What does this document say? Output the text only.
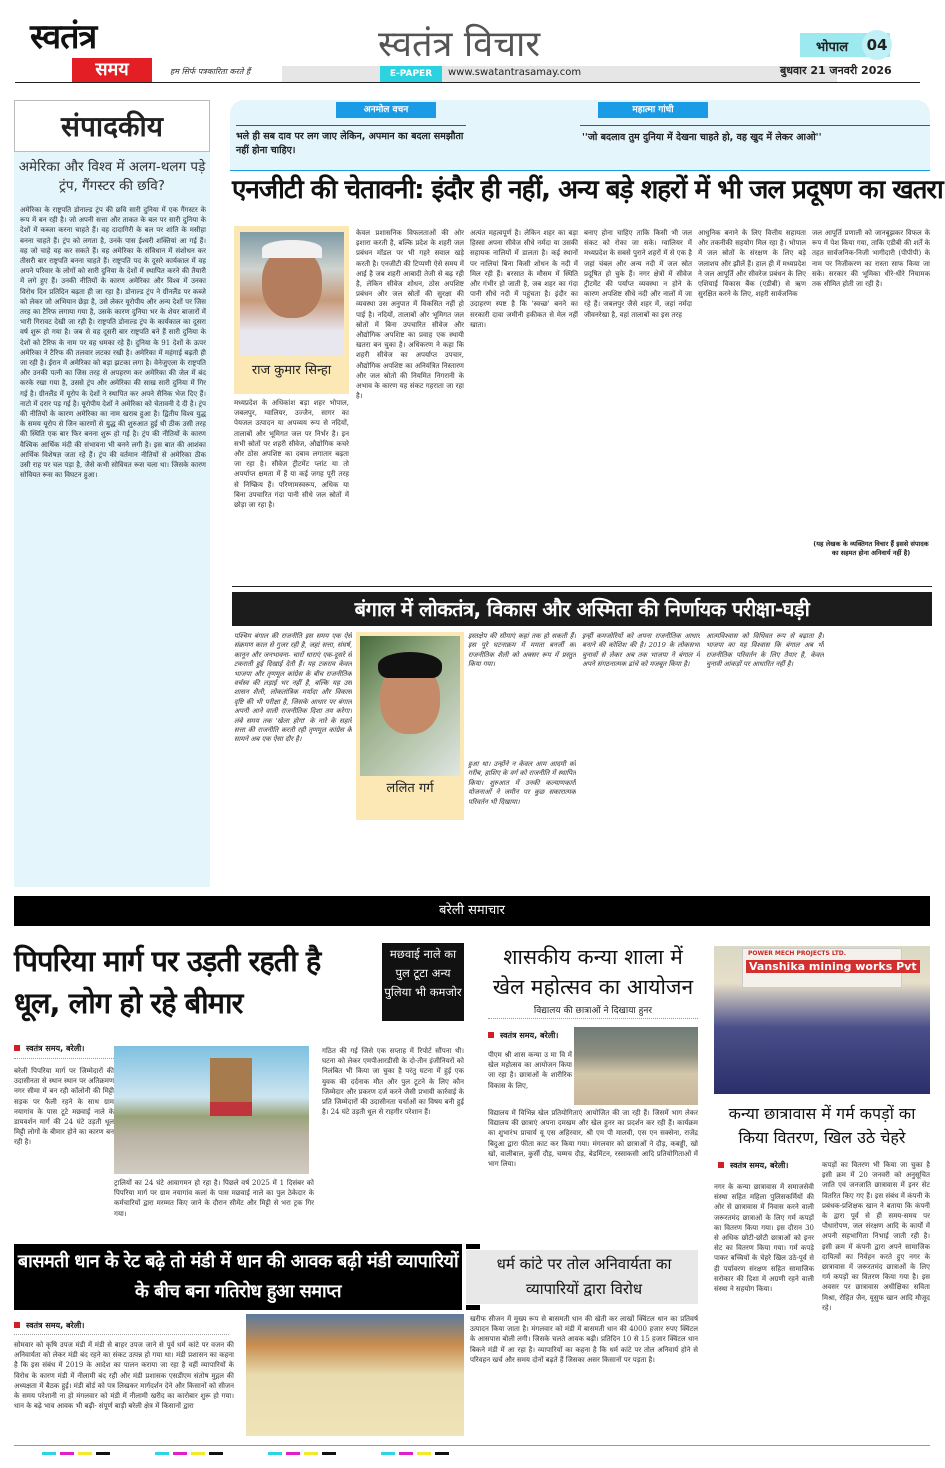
स्वतंत्र
समय	हम सिर्फ पत्रकारिता करते हैं
स्वतंत्र विचार
E-PAPER	www.swatantrasamay.com
भोपाल	04
बुधवार 21 जनवरी 2026
संपादकीय
अमेरिका और विश्व में अलग-थलग पड़े ट्रंप, गैंगस्टर की छवि?
अमेरिका के राष्ट्रपति डोनाल्ड ट्रंप की छवि सारी दुनिया में एक गैंगस्टर के रूप में बन रही है। जो अपनी सत्ता और ताकत के बल पर सारी दुनिया के देशों में कब्जा करना चाहते हैं। वह दादागिरी के बल पर शांति के मसीहा बनना चाहते हैं। ट्रंप को लगता है, उनके पास ईश्वरी शक्तियां आ गई हैं। वह जो चाहे वह कर सकते हैं। वह अमेरिका के संविधान में संशोधन कर तीसरी बार राष्ट्रपति बनना चाहते हैं। राष्ट्रपति पद के दूसरे कार्यकाल में वह अपने परिवार के लोगों को सारी दुनिया के देशों में स्थापित करने की तैयारी में लगे हुए हैं। उनकी नीतियों के कारण अमेरिका और विश्व में उनका विरोध दिन प्रतिदिन बढ़ता ही जा रहा है। डोनाल्ड ट्रंप ने ग्रीनलैंड पर कब्जे को लेकर जो अभियान छेड़ा है, उसे लेकर यूरोपीय और अन्य देशों पर जिस तरह का टैरिफ लगाया गया है, उसके कारण दुनिया भर के शेयर बाजारों में भारी गिरावट देखी जा रही है। राष्ट्रपति डोनाल्ड ट्रंप के कार्यकाल का दूसरा वर्ष शुरू हो गया है। जब से वह दूसरी बार राष्ट्रपति बने हैं सारी दुनिया के देशों को टैरिफ के नाम पर वह धमका रहे हैं। दुनिया के 91 देशों के ऊपर अमेरिका ने टैरिफ की तलवार लटका रखी है। अमेरिका में महंगाई बढ़ती ही जा रही है। ईरान में अमेरिका को बड़ा झटका लगा है। वेनेजुएला के राष्ट्रपति और उनकी पत्नी का जिस तरह से अपहरण कर अमेरिका की जेल में बंद करके रखा गया है, उससे ट्रंप और अमेरिका की साख सारी दुनिया में गिर गई है। ग्रीनलैंड में यूरोप के देशों ने स्थापित कर अपने सैनिक भेज दिए हैं। नाटो में दरार पड़ गई है। यूरोपीय देशों ने अमेरिका को चेतावनी दे दी है। ट्रंप की नीतियों के कारण अमेरिका का नाम खराब हुआ है। द्वितीय विश्व युद्ध के समय यूरोप से जिन कारणों से युद्ध की शुरुआत हुई थी ठीक उसी तरह की स्थिति एक बार फिर बनना शुरू हो गई है। ट्रंप की नीतियों के कारण वैश्विक आर्थिक मंदी की संभावना भी बनने लगी है। इस बात की आशंका आर्थिक विशेषज्ञ जता रहे हैं। ट्रंप की वर्तमान नीतियों से अमेरिका ठीक उसी राह पर चल पड़ा है, जैसे कभी सोवियत रूस चला था। जिसके कारण सोवियत रूस का विघटन हुआ।
अनमोल वचन	महात्मा गांधी
भले ही सब दाव पर लग जाए लेकिन, अपमान का बदला समझौता नहीं होना चाहिए।
''जो बदलाव तुम दुनिया में देखना चाहते हो, वह खुद में लेकर आओ''
एनजीटी की चेतावनी: इंदौर ही नहीं, अन्य बड़े शहरों में भी जल प्रदूषण का खतरा
राज कुमार सिन्हा
मध्यप्रदेश के अधिकांश बड़ा शहर भोपाल, जबलपुर, ग्वालियर, उज्जैन, सागर का पेयजल उत्पादन या अपव्यय रूप से नदियों, तालाबों और भूमिगत जल पर निर्भर है। इन सभी स्रोतों पर शहरी सीवेज, औद्योगिक कचरे और ठोस अपशिष्ट का दबाव लगातार बढ़ता जा रहा है। सीवेज ट्रीटमेंट प्लांट या तो अपर्याप्त क्षमता में हैं या कई जगह पूरी तरह से निष्क्रिय हैं। परिणामस्वरूप, अधिक या बिना उपचारित गंदा पानी सीधे जल स्रोतों में छोड़ा जा रहा है।
केवल प्रशासनिक विफलताओं की ओर इशारा करती है, बल्कि प्रदेश के शहरी जल प्रबंधन मॉडल पर भी गहरे सवाल खड़े करती है। एनजीटी की टिप्पणी ऐसे समय में आई है जब शहरी आबादी तेजी से बढ़ रही है, लेकिन सीवेज शोधन, ठोस अपशिष्ट प्रबंधन और जल स्रोतों की सुरक्षा की व्यवस्था उस अनुपात में विकसित नहीं हो पाई है। नदियों, तालाबों और भूमिगत जल स्रोतों में बिना उपचारित सीवेज और औद्योगिक अपशिष्ट का प्रवाह एक स्थायी खतरा बन चुका है। अधिकरण ने कहा कि शहरी सीवेज का अपर्याप्त उपचार, औद्योगिक अपशिष्ट का अनियंत्रित निस्तारण और जल स्रोतों की नियमित निगरानी के अभाव के कारण यह संकट गहराता जा रहा है।
अत्यंत महत्वपूर्ण है। लेकिन शहर का बड़ा हिस्सा अपना सीवेज सीधे नर्मदा या उसकी सहायक नालियों में डालता है। कई स्थानों पर नालियां बिना किसी शोधन के नदी में मिल रही हैं। बरसात के मौसम में स्थिति और गंभीर हो जाती है, जब शहर का गंदा पानी सीधे नदी में पहुंचता है। इंदौर का उदाहरण स्पष्ट है कि 'स्वच्छ' बनने का सरकारी दावा जमीनी हकीकत से मेल नहीं खाता।
बनाए होना चाहिए ताकि किसी भी जल संकट को रोका जा सके। ग्वालियर में मध्यप्रदेश के सबसे पुराने शहरों में से एक है जहां चंबल और अन्य नदी में जल स्रोत प्रदूषित हो चुके हैं। नगर क्षेत्रों में सीवेज ट्रीटमेंट की पर्याप्त व्यवस्था न होने के कारण अपशिष्ट सीधे नदी और नालों में जा रहे हैं। जबलपुर जैसे शहर में, जहां नर्मदा जीवनरेखा है, वहां तालाबों का इस तरह
आधुनिक बनाने के लिए वित्तीय सहायता और तकनीकी सहयोग मिल रहा है। भोपाल में जल स्रोतों के संरक्षण के लिए बड़े जलाशय और झीलें हैं। हाल ही में मध्यप्रदेश ने जल आपूर्ति और सीवरेज प्रबंधन के लिए एशियाई विकास बैंक (एडीबी) से ऋण सुरक्षित करने के लिए, शहरी सार्वजनिक
जल आपूर्ति प्रणाली को जानबूझकर विफल के रूप में पेश किया गया, ताकि एडीबी की शर्तें के तहत सार्वजनिक-निजी भागीदारी (पीपीपी) के नाम पर निजीकरण का रास्ता साफ किया जा सके। सरकार की भूमिका धीरे-धीरे नियामक तक सीमित होती जा रही है।
(यह लेखक के व्यक्तिगत विचार हैं इससे संपादक का सहमत होना अनिवार्य नहीं है)
बंगाल में लोकतंत्र, विकास और अस्मिता की निर्णायक परीक्षा-घड़ी
पश्चिम बंगाल की राजनीति इस समय एक ऐसे संक्रमण काल से गुजर रही है, जहां सत्ता, संघर्ष, कानून और जनभावना- चारों धाराएं एक-दूसरे से टकराती हुई दिखाई देती हैं। यह टकराव केवल भाजपा और तृणमूल कांग्रेस के बीच राजनीतिक वर्चस्व की लड़ाई भर नहीं है, बल्कि यह उस शासन शैली, लोकतांत्रिक मर्यादा और विकास दृष्टि की भी परीक्षा है, जिसके आधार पर बंगाल अपनी आने वाली राजनीतिक दिशा तय करेगा। लंबे समय तक 'खेला होगा' के नारे के सहारे सत्ता की राजनीति करती रही तृणमूल कांग्रेस के सामने अब एक ऐसा दौर है।
ललित गर्ग
इस्तक्षेप की सीमाएं कहां तक हो सकती हैं। इस पूरे घटनाक्रम में ममता बनर्जी का राजनीतिक शैली को अक्सर रूप में प्रस्तुत किया गया।
हुआ था। उन्होंने न केवल आम आदमी को गरीब, हाशिए के वर्ग को राजनीति में स्थापित किया। शुरुआत में उनकी कल्याणकारी योजनाओं ने जमीन पर कुछ सकारात्मक परिवर्तन भी दिखाया।
इन्हीं कमजोरियों को अपना राजनीतिक आधार बनाने की कोशिश की है। 2019 के लोकसभा चुनावों से लेकर अब तक भाजपा ने बंगाल में अपने संगठनात्मक ढांचे को मजबूत किया है।
आत्मविश्वास को विधिवत रूप से बढ़ाता है। भाजपा का यह विश्वास कि बंगाल अब भी राजनीतिक परिवर्तन के लिए तैयार है, केवल चुनावी आंकड़ों पर आधारित नहीं है।
बरेली समाचार
पिपरिया मार्ग पर उड़ती रहती है धूल, लोग हो रहे बीमार
मछवाई नाले का पुल टूटा अन्य पुलिया भी कमजोर
स्वतंत्र समय, बरेली।
बरेली पिपरिया मार्ग पर जिम्मेदारों की उदासीनता से स्थान स्थान पर अतिक्रमण नगर सीमा में बन रही कॉलोनी की मिट्टी सड़क पर फैली रहने के साथ ग्राम नयागांव के पास टूटे मछवाई नाले के डायवर्शन मार्ग की 24 घंटे उड़ती धूल मिट्टी लोगों के बीमार होने का कारण बन रही है।
ट्रालियों का 24 घंटे आवागमन हो रहा है। पिछले वर्ष 2025 में 1 दिसंबर को पिपरिया मार्ग पर ग्राम नयागांव कलां के पास मछवाई नाले का पुल ठेकेदार के कर्मचारियों द्वारा मरम्मत किए जाने के दौरान सीमेंट और मिट्टी से भरा ट्रक गिर गया।
गठित की गई जिसे एक सप्ताह में रिपोर्ट सौंपना थी। घटना को लेकर एमपीआरडीसी के दो-तीन इंजीनियरों को निलंबित भी किया जा चुका है परंतु घटना में हुई एक युवक की दर्दनाक मौत और पुल टूटने के लिए कौन जिम्मेदार और प्रकरण दर्ज करने जैसी प्रभावी कार्रवाई के प्रति जिम्मेदारों की उदासीनता चर्चाओं का विषय बनी हुई है। 24 घंटे उड़ती धूल से राहगीर परेशान हैं।
शासकीय कन्या शाला में खेल महोत्सव का आयोजन
विद्यालय की छात्राओं ने दिखाया हुनर
स्वतंत्र समय, बरेली।
पीएम श्री शास कन्या उ मा वि में खेल महोत्सव का आयोजन किया जा रहा है। छात्राओं के शारीरिक विकास के लिए,
विद्यालय में विभिन्न खेल प्रतियोगिताएं आयोजित की जा रही हैं। जिसमें भाग लेकर विद्यालय की छात्राएं अपना दमखम और खेल हुनर का प्रदर्शन कर रही हैं। कार्यक्रम का शुभारंभ प्राचार्य यू एस अहिरवार, श्री एम पी मालवी, एस एन सक्सेना, राजेंद्र बिदुआ द्वारा फीता काट कर किया गया। मंगलवार को छात्राओं ने दौड़, कबड्डी, खो खो, वालीबाल, कुर्सी दौड़, चम्मच दौड़, बेडमिंटन, रस्साकसी आदि प्रतियोगिताओं में भाग लिया।
POWER MECH PROJECTS LTD.
Vanshika mining works Pvt
कन्या छात्रावास में गर्म कपड़ों का किया वितरण, खिल उठे चेहरे
स्वतंत्र समय, बरेली।
नगर के कन्या छात्रावास में समाजसेवी संस्था सहित महिला पुलिसकर्मियों की ओर से छात्रावास में निवास करने वाली जरूरतमंद छात्राओं के लिए गर्म कपड़ों का वितरण किया गया। इस दौरान 30 से अधिक छोटी-छोटी छात्राओं को इनर सेट का वितरण किया गया। गर्म कपड़े पाकर बच्चियों के चेहरे खिल उठे-पूर्व से ही पर्यावरण संरक्षण सहित सामाजिक सरोकार की दिशा में अग्रणी रहने वाली संस्था ने सहयोग किया।
कपड़ों का वितरण भी किया जा चुका है इसी क्रम में 20 जनवरी को अनुसूचित जाति एवं जनजाति छात्रावास में इनर सेट वितरित किए गए हैं। इस संबंध में कंपनी के प्रबंधक-प्रशिक्षक खान ने बताया कि कंपनी के द्वारा पूर्व से ही समय-समय पर पौधारोपण, जल संरक्षण आदि के कार्यों में अपनी सहभागिता निभाई जाती रही है। इसी क्रम में कंपनी द्वारा अपने सामाजिक दायित्वों का निर्वहन करते हुए नगर के छात्रावास में जरूरतमंद छात्राओं के लिए गर्म कपड़ों का वितरण किया गया है। इस अवसर पर छात्रावास अधीक्षिका सविता मिश्रा, रोहित जैन, यूसुफ खान आदि मौजूद रहे।
बासमती धान के रेट बढ़े तो मंडी में धान की आवक बढ़ी मंडी व्यापारियों के बीच बना गतिरोध हुआ समाप्त
धर्म कांटे पर तोल अनिवार्यता का व्यापारियों द्वारा विरोध
स्वतंत्र समय, बरेली।
सोमवार को कृषि उपज मंडी में मंडी से बाहर उपज जाने से पूर्व धर्म कांटे पर वजन की अनिवार्यता को लेकर मंडी बंद रहने का संकट उत्पन्न हो गया था। मंडी प्रशासन का कहना है कि इस संबंध में 2019 के आदेश का पालन कराया जा रहा है वहीं व्यापारियों के विरोध के कारण मंडी में नीलामी बंद रही और मंडी प्रशासक एसडीएम संतोष मुद्गल की अध्यक्षता में बैठक हुई। मंडी बोर्ड को पत्र लिखकर मार्गदर्शन देने और किसानों को सीजन के समय परेशानी ना हो मंगलवार को मंडी में नीलामी खरीद का कारोबार शुरू हो गया। धान के बढ़े भाव आवक भी बढ़ी- संपूर्ण बाड़ी बरेली क्षेत्र में किसानों द्वारा
खरीफ सीजन में मुख्य रूप से बासमती धान की खेती कर लाखों क्विंटल धान का प्रतिवर्ष उत्पादन किया जाता है। मंगलवार को मंडी में बासमती धान की 4000 हजार रुपए क्विंटल के आसपास बोली लगी। जिसके चलते आवक बढ़ी। प्रतिदिन 10 से 15 हजार क्विंटल धान बिकने मंडी में आ रहा है। व्यापारियों का कहना है कि धर्म कांटे पर तोल अनिवार्य होने से परिवहन खर्च और समय दोनों बढ़ते हैं जिसका असर किसानों पर पड़ता है।
